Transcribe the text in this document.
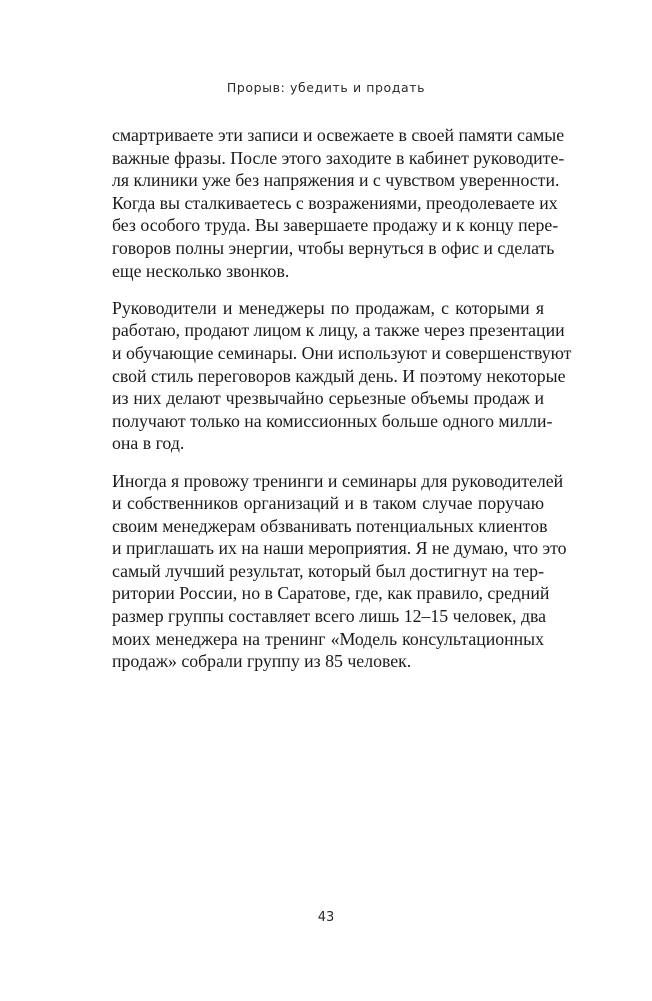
Прорыв: убедить и продать
смартриваете эти записи и освежаете в своей памяти самые
важные фразы. После этого заходите в кабинет руководите-
ля клиники уже без напряжения и с чувством уверенности.
Когда вы сталкиваетесь с возражениями, преодолеваете их
без особого труда. Вы завершаете продажу и к концу пере-
говоров полны энергии, чтобы вернуться в офис и сделать
еще несколько звонков.
Руководители и менеджеры по продажам, с которыми я
работаю, продают лицом к лицу, а также через презентации
и обучающие семинары. Они используют и совершенствуют
свой стиль переговоров каждый день. И поэтому некоторые
из них делают чрезвычайно серьезные объемы продаж и
получают только на комиссионных больше одного милли-
она в год.
Иногда я провожу тренинги и семинары для руководителей
и собственников организаций и в таком случае поручаю
своим менеджерам обзванивать потенциальных клиентов
и приглашать их на наши мероприятия. Я не думаю, что это
самый лучший результат, который был достигнут на тер-
ритории России, но в Саратове, где, как правило, средний
размер группы составляет всего лишь 12–15 человек, два
моих менеджера на тренинг «Модель консультационных
продаж» собрали группу из 85 человек.
43
